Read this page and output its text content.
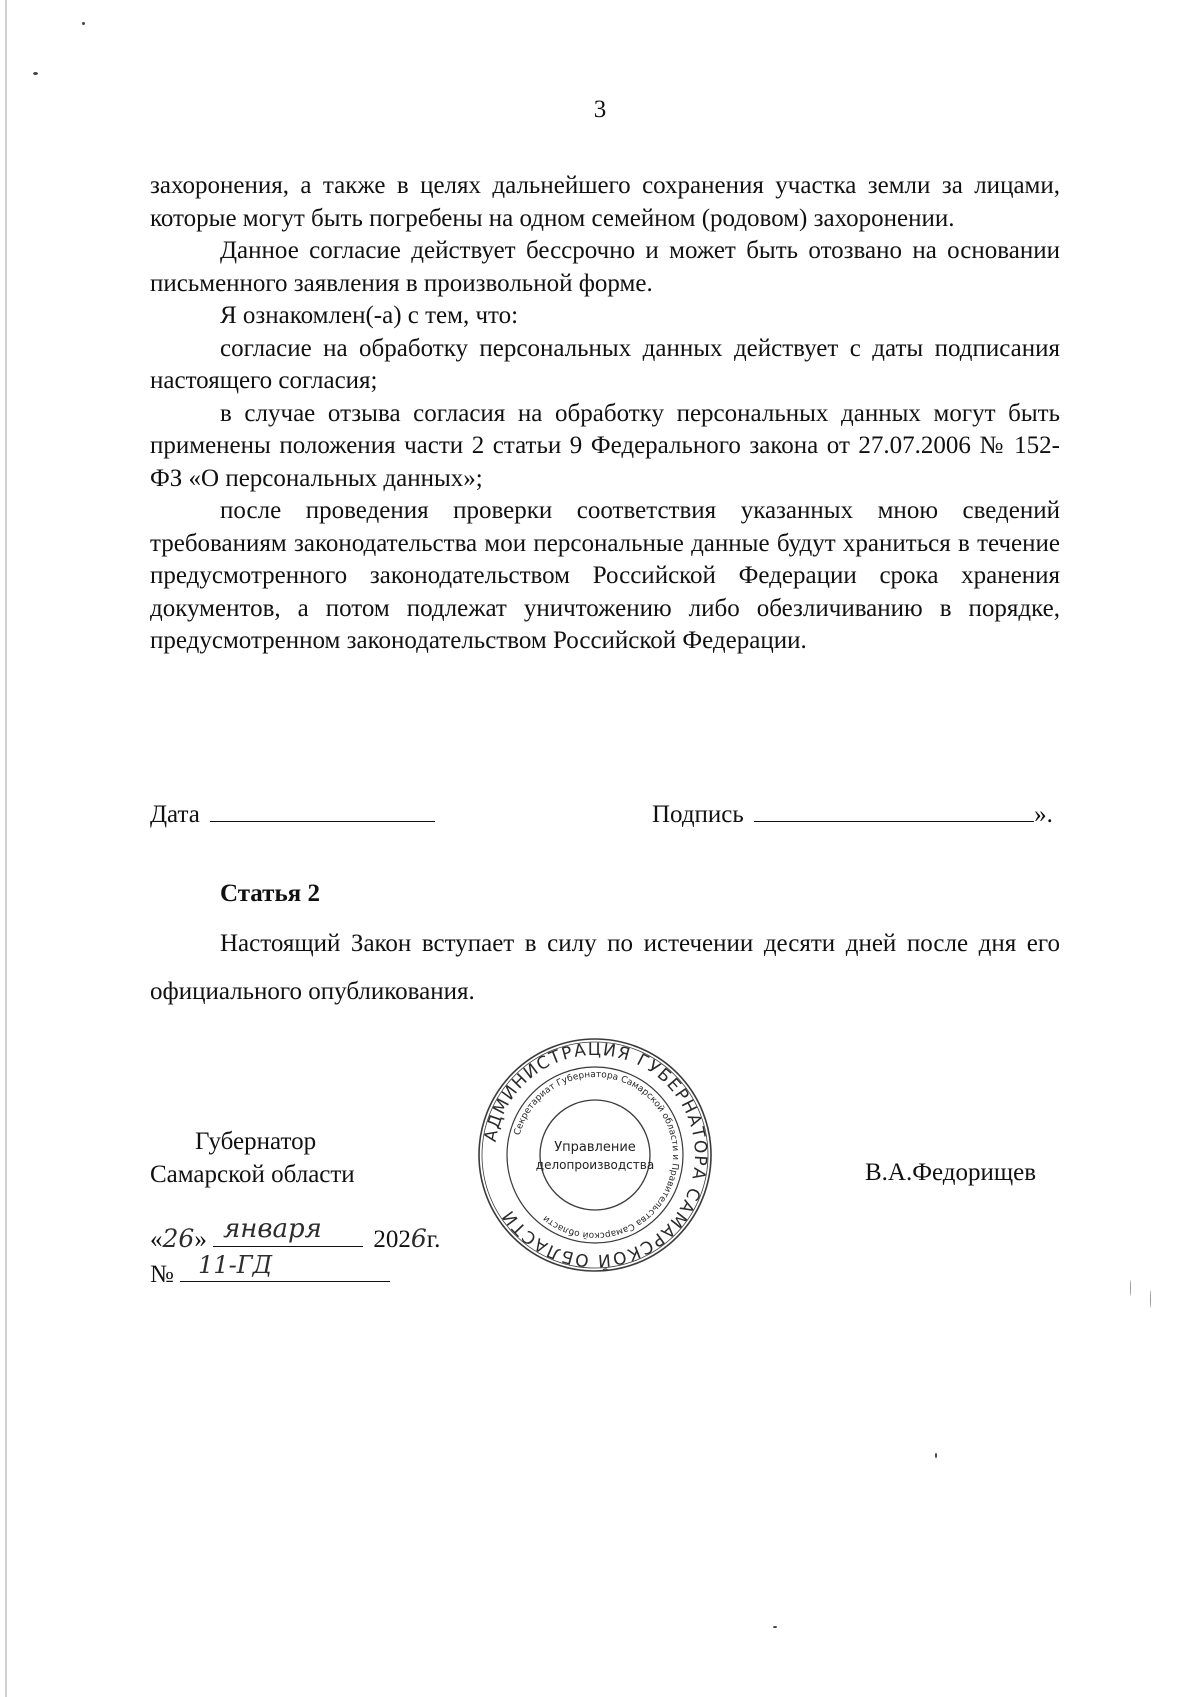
3

захоронения, а также в целях дальнейшего сохранения участка земли за лицами, которые могут быть погребены на одном семейном (родовом) захоронении.

Данное согласие действует бессрочно и может быть отозвано на основании письменного заявления в произвольной форме.

Я ознакомлен(-а) с тем, что:

согласие на обработку персональных данных действует с даты подписания настоящего согласия;

в случае отзыва согласия на обработку персональных данных могут быть применены положения части 2 статьи 9 Федерального закона от 27.07.2006 № 152-ФЗ «О персональных данных»;

после проведения проверки соответствия указанных мною сведений требованиям законодательства мои персональные данные будут храниться в течение предусмотренного законодательством Российской Федерации срока хранения документов, а потом подлежат уничтожению либо обезличиванию в порядке, предусмотренном законодательством Российской Федерации.

Дата	Подпись	».
Статья 2

Настоящий Закон вступает в силу по истечении десяти дней после дня его официального опубликования.

Губернатор
Самарской области	В.А.Федорищев
АДМИНИСТРАЦИЯ ГУБЕРНАТОРА САМАРСКОЙ ОБЛАСТИ
Секретариат Губернатора Самарской области и Правительства Самарской области
Управление
делопроизводства
«26» января 2026г.
№ 11-ГД
